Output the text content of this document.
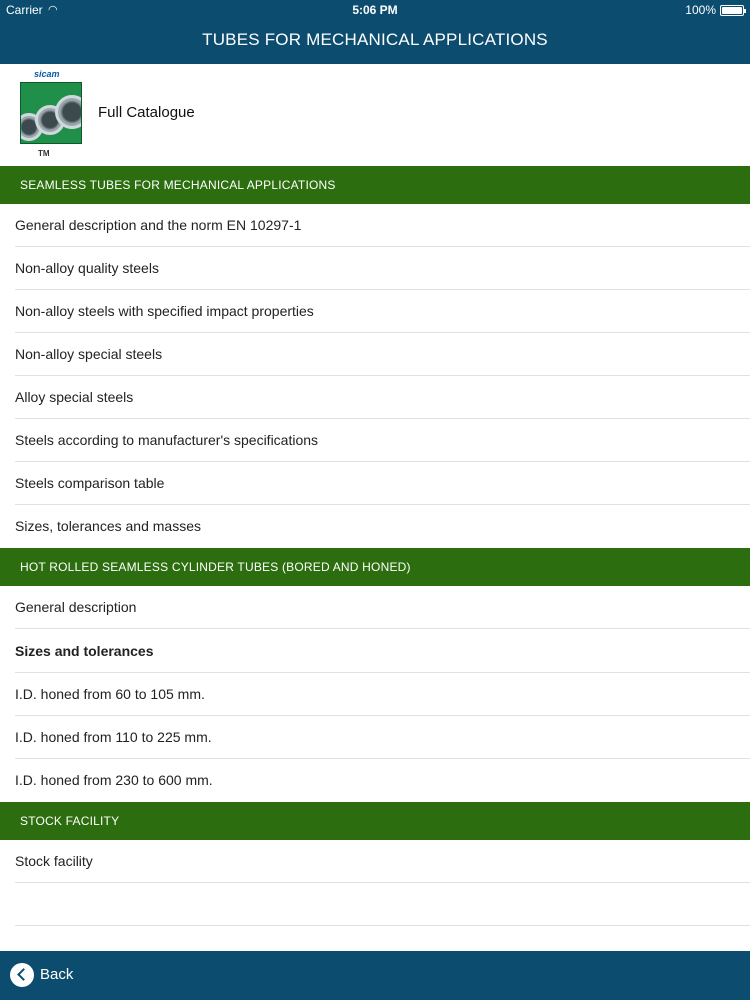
Carrier ◠	5:06 PM	100%
TUBES FOR MECHANICAL APPLICATIONS
sicam
TM
Full Catalogue
SEAMLESS TUBES FOR MECHANICAL APPLICATIONS
General description and the norm EN 10297-1
Non-alloy quality steels
Non-alloy steels with specified impact properties
Non-alloy special steels
Alloy special steels
Steels according to manufacturer's specifications
Steels comparison table
Sizes, tolerances and masses
HOT ROLLED SEAMLESS CYLINDER TUBES (BORED AND HONED)
General description
Sizes and tolerances
I.D. honed from 60 to 105 mm.
I.D. honed from 110 to 225 mm.
I.D. honed from 230 to 600 mm.
STOCK FACILITY
Stock facility
Back
